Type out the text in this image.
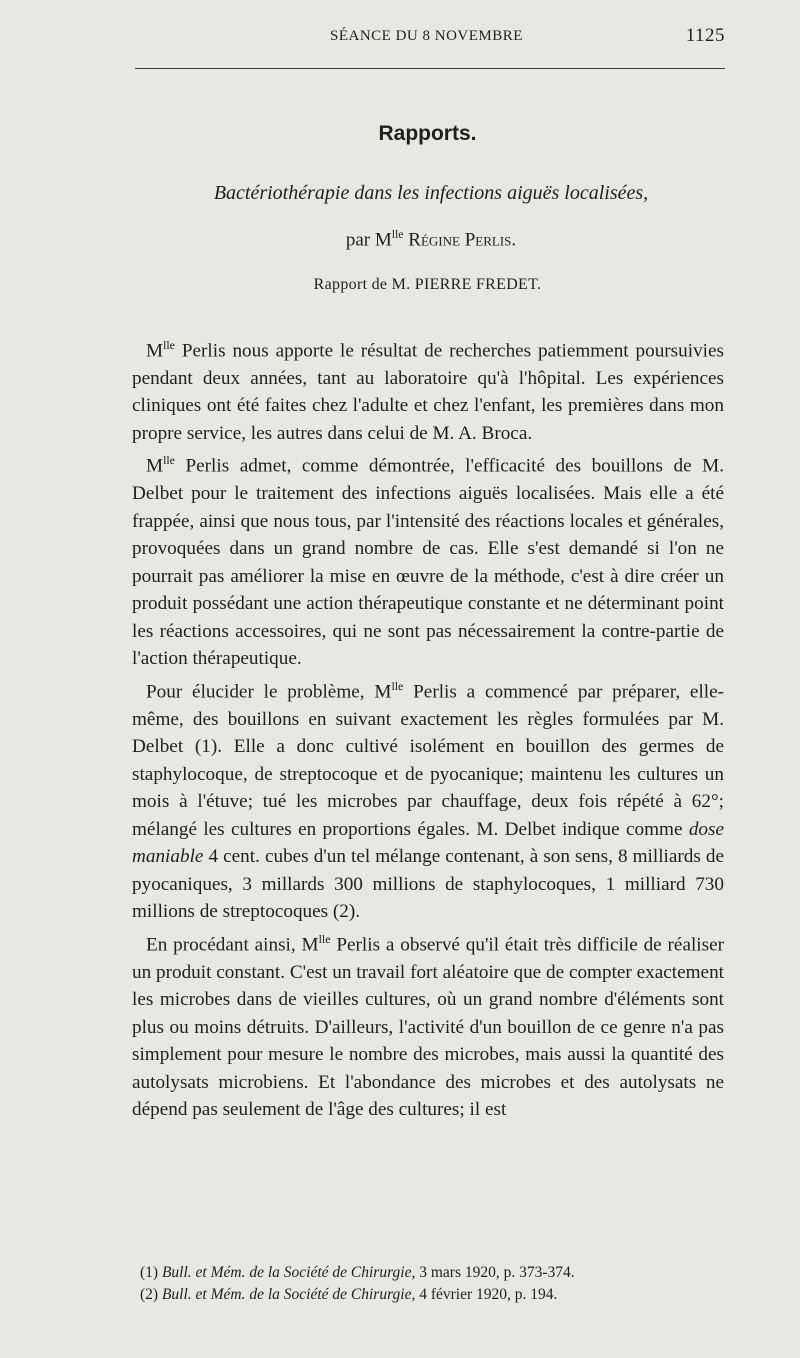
SÉANCE DU 8 NOVEMBRE	1125
Rapports.
Bactériothérapie dans les infections aiguës localisées,
par $M^{lle}$ Régine Perlis.
Rapport de M. PIERRE FREDET.

$M^{lle}$ Perlis nous apporte le résultat de recherches patiemment poursuivies pendant deux années, tant au laboratoire qu'à l'hôpital. Les expériences cliniques ont été faites chez l'adulte et chez l'enfant, les premières dans mon propre service, les autres dans celui de M. A. Broca.

$M^{lle}$ Perlis admet, comme démontrée, l'efficacité des bouillons de M. Delbet pour le traitement des infections aiguës localisées. Mais elle a été frappée, ainsi que nous tous, par l'intensité des réactions locales et générales, provoquées dans un grand nombre de cas. Elle s'est demandé si l'on ne pourrait pas améliorer la mise en œuvre de la méthode, c'est à dire créer un produit possédant une action thérapeutique constante et ne déterminant point les réactions accessoires, qui ne sont pas nécessairement la contre-partie de l'action thérapeutique.

Pour élucider le problème, $M^{lle}$ Perlis a commencé par préparer, elle-même, des bouillons en suivant exactement les règles formulées par M. Delbet (1). Elle a donc cultivé isolément en bouillon des germes de staphylocoque, de streptocoque et de pyocanique; maintenu les cultures un mois à l'étuve; tué les microbes par chauffage, deux fois répété à 62°; mélangé les cultures en proportions égales. M. Delbet indique comme dose maniable 4 cent. cubes d'un tel mélange contenant, à son sens, 8 milliards de pyocaniques, 3 millards 300 millions de staphylocoques, 1 milliard 730 millions de streptocoques (2).

En procédant ainsi, $M^{lle}$ Perlis a observé qu'il était très difficile de réaliser un produit constant. C'est un travail fort aléatoire que de compter exactement les microbes dans de vieilles cultures, où un grand nombre d'éléments sont plus ou moins détruits. D'ailleurs, l'activité d'un bouillon de ce genre n'a pas simplement pour mesure le nombre des microbes, mais aussi la quantité des autolysats microbiens. Et l'abondance des microbes et des autolysats ne dépend pas seulement de l'âge des cultures; il est

(1) Bull. et Mém. de la Société de Chirurgie, 3 mars 1920, p. 373-374.
(2) Bull. et Mém. de la Société de Chirurgie, 4 février 1920, p. 194.
